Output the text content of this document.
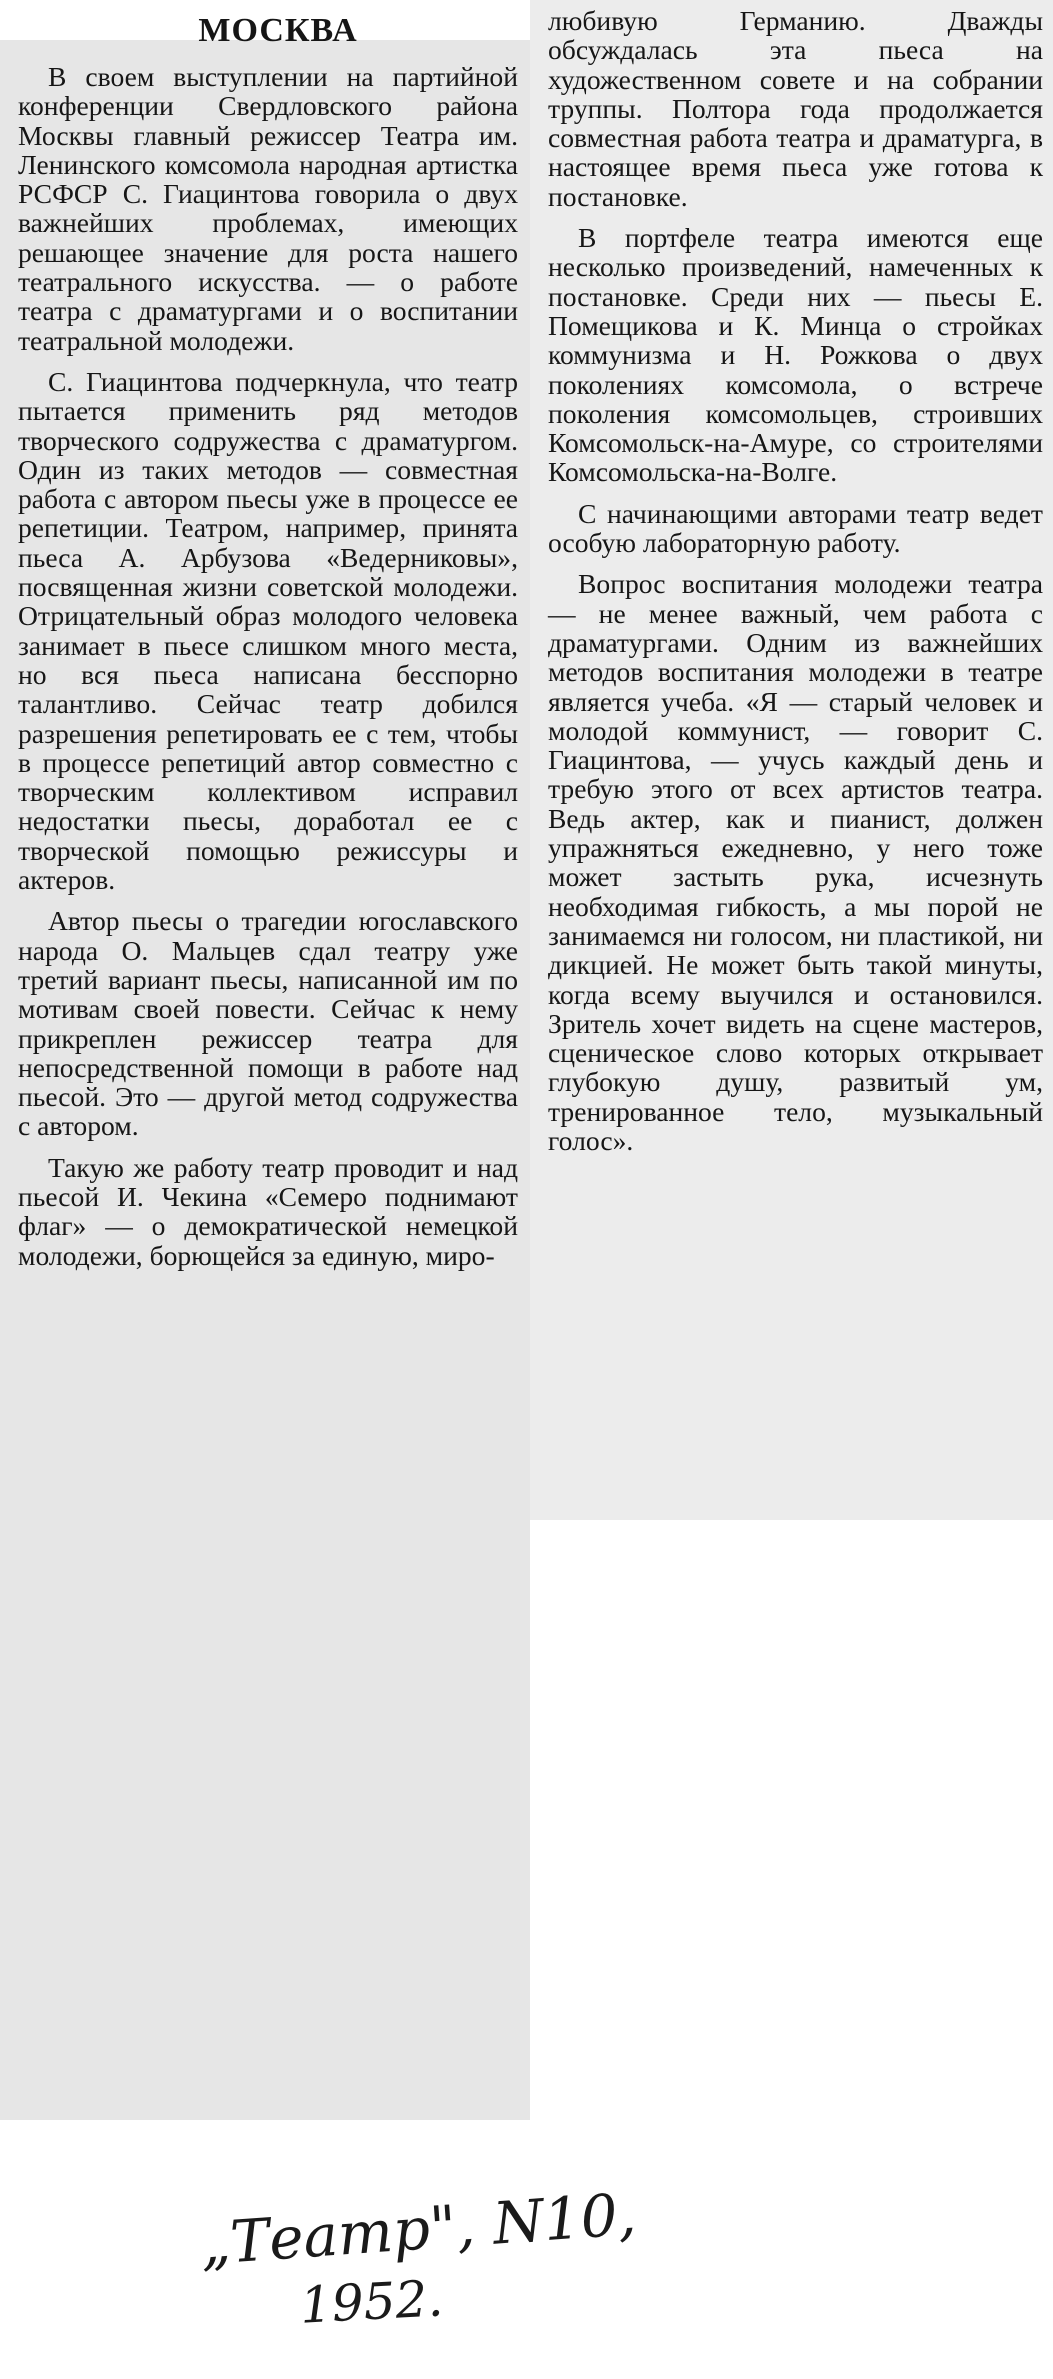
МОСКВА

В своем выступлении на партийной конференции Свердловского района Москвы главный режиссер Театра им. Ленинского комсомола народная артистка РСФСР С. Гиацинтова говорила о двух важнейших проблемах, имеющих решающее значение для роста нашего театрального искусства. — о работе театра с драматургами и о воспитании театральной молодежи.

С. Гиацинтова подчеркнула, что театр пытается применить ряд методов творческого содружества с драматургом. Один из таких методов — совместная работа с автором пьесы уже в процессе ее репетиции. Театром, например, принята пьеса А. Арбузова «Ведерниковы», посвященная жизни советской молодежи. Отрицательный образ молодого человека занимает в пьесе слишком много места, но вся пьеса написана бесспорно талантливо. Сейчас театр добился разрешения репетировать ее с тем, чтобы в процессе репетиций автор совместно с творческим коллективом исправил недостатки пьесы, доработал ее с творческой помощью режиссуры и актеров.

Автор пьесы о трагедии югославского народа О. Мальцев сдал театру уже третий вариант пьесы, написанной им по мотивам своей повести. Сейчас к нему прикреплен режиссер театра для непосредственной помощи в работе над пьесой. Это — другой метод содружества с автором.

Такую же работу театр проводит и над пьесой И. Чекина «Семеро поднимают флаг» — о демократической немецкой молодежи, борющейся за единую, миро-

любивую Германию. Дважды обсуждалась эта пьеса на художественном совете и на собрании труппы. Полтора года продолжается совместная работа театра и драматурга, в настоящее время пьеса уже готова к постановке.

В портфеле театра имеются еще несколько произведений, намеченных к постановке. Среди них — пьесы Е. Помещикова и К. Минца о стройках коммунизма и Н. Рожкова о двух поколениях комсомола, о встрече поколения комсомольцев, строивших Комсомольск-на-Амуре, со строителями Комсомольска-на-Волге.

С начинающими авторами театр ведет особую лабораторную работу.

Вопрос воспитания молодежи театра — не менее важный, чем работа с драматургами. Одним из важнейших методов воспитания молодежи в театре является учеба. «Я — старый человек и молодой коммунист, — говорит С. Гиацинтова, — учусь каждый день и требую этого от всех артистов театра. Ведь актер, как и пианист, должен упражняться ежедневно, у него тоже может застыть рука, исчезнуть необходимая гибкость, а мы порой не занимаемся ни голосом, ни пластикой, ни дикцией. Не может быть такой минуты, когда всему выучился и остановился. Зритель хочет видеть на сцене мастеров, сценическое слово которых открывает глубокую душу, развитый ум, тренированное тело, музыкальный голос».

„Театр", N10,
1952.
